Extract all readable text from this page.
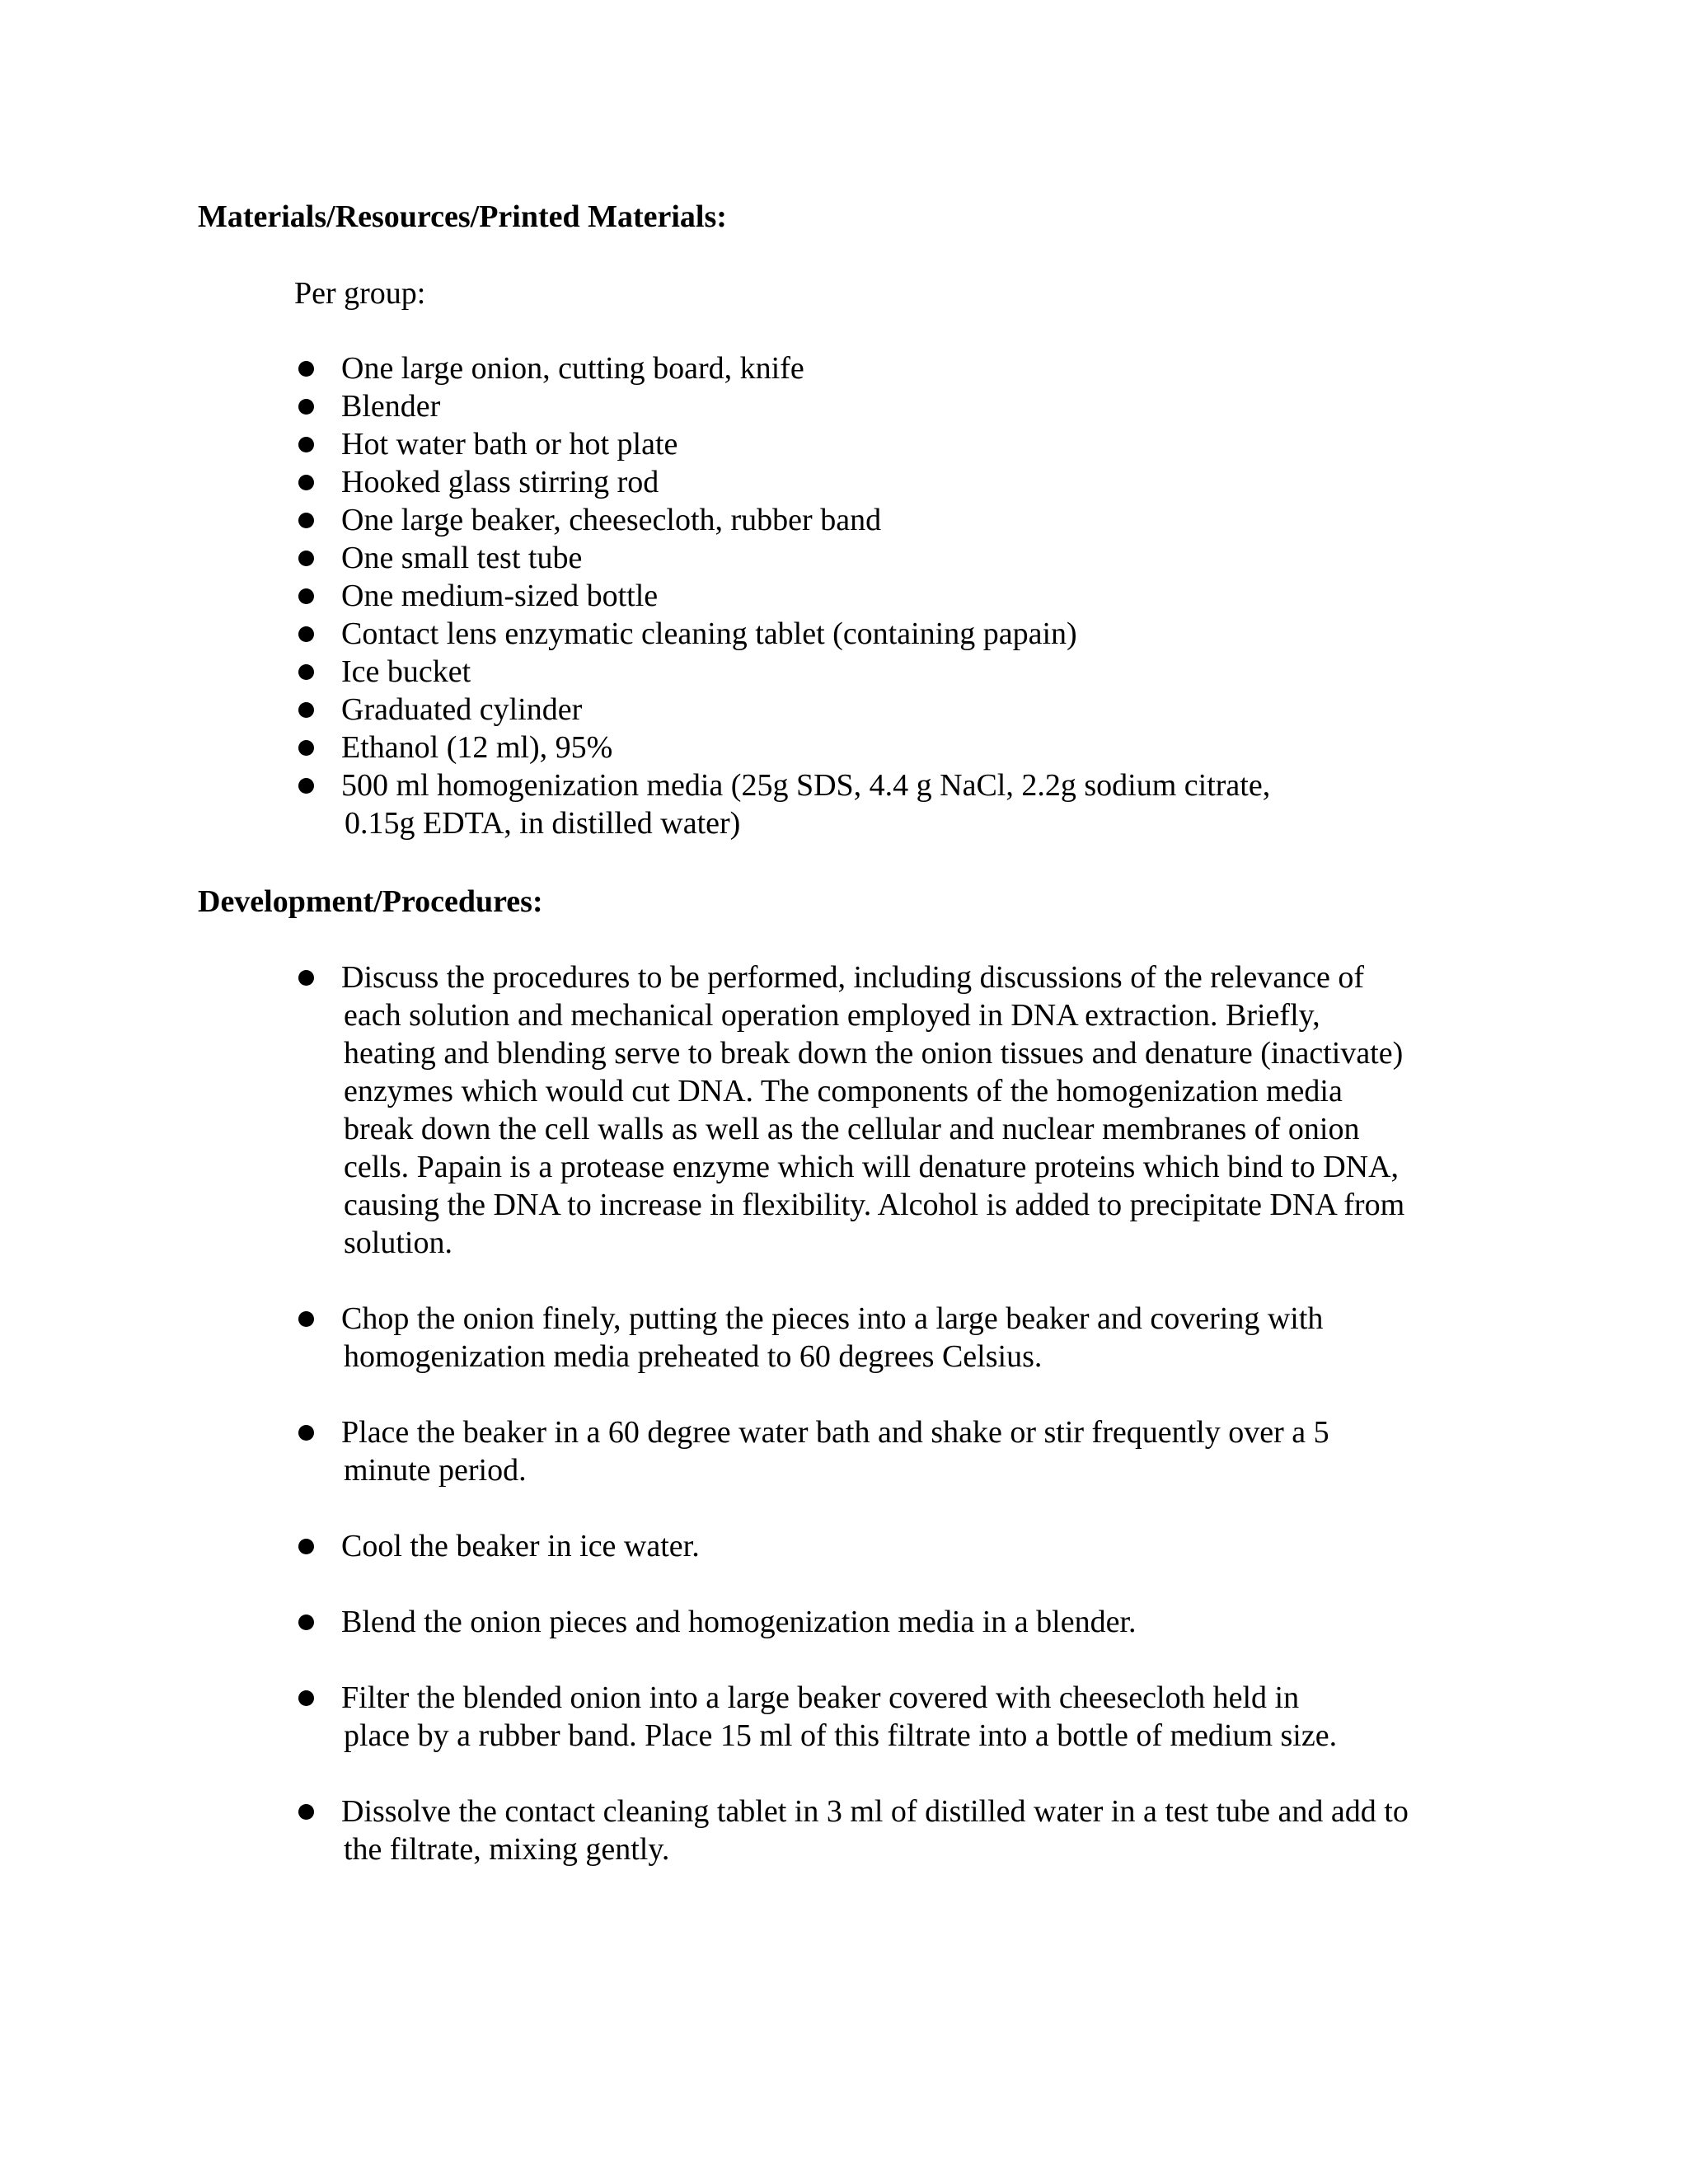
Materials/Resources/Printed Materials:
Per group:
One large onion, cutting board, knife
Blender
Hot water bath or hot plate
Hooked glass stirring rod
One large beaker, cheesecloth, rubber band
One small test tube
One medium-sized bottle
Contact lens enzymatic cleaning tablet (containing papain)
Ice bucket
Graduated cylinder
Ethanol (12 ml), 95%
500 ml homogenization media (25g SDS, 4.4 g NaCl, 2.2g sodium citrate,
0.15g EDTA, in distilled water)
Development/Procedures:
Discuss the procedures to be performed, including discussions of the relevance of
each solution and mechanical operation employed in DNA extraction. Briefly,
heating and blending serve to break down the onion tissues and denature (inactivate)
enzymes which would cut DNA. The components of the homogenization media
break down the cell walls as well as the cellular and nuclear membranes of onion
cells. Papain is a protease enzyme which will denature proteins which bind to DNA,
causing the DNA to increase in flexibility. Alcohol is added to precipitate DNA from
solution.
Chop the onion finely, putting the pieces into a large beaker and covering with
homogenization media preheated to 60 degrees Celsius.
Place the beaker in a 60 degree water bath and shake or stir frequently over a 5
minute period.
Cool the beaker in ice water.
Blend the onion pieces and homogenization media in a blender.
Filter the blended onion into a large beaker covered with cheesecloth held in
place by a rubber band. Place 15 ml of this filtrate into a bottle of medium size.
Dissolve the contact cleaning tablet in 3 ml of distilled water in a test tube and add to
the filtrate, mixing gently.
